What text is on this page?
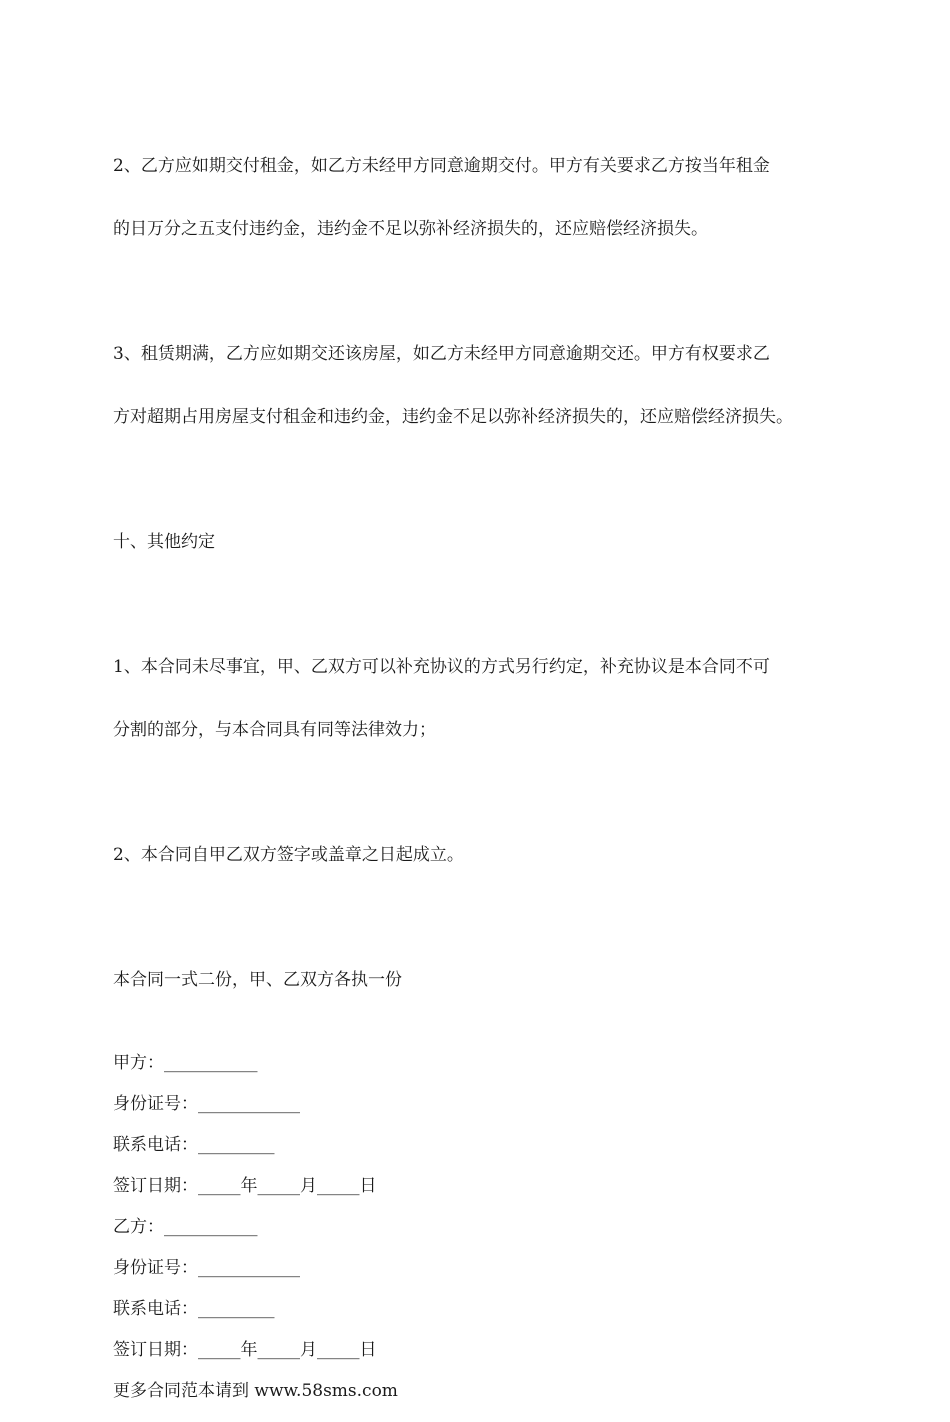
2、乙方应如期交付租金，如乙方未经甲方同意逾期交付。甲方有关要求乙方按当年租金

的日万分之五支付违约金，违约金不足以弥补经济损失的，还应赔偿经济损失。

3、租赁期满，乙方应如期交还该房屋，如乙方未经甲方同意逾期交还。甲方有权要求乙

方对超期占用房屋支付租金和违约金，违约金不足以弥补经济损失的，还应赔偿经济损失。

十、其他约定

1、本合同未尽事宜，甲、乙双方可以补充协议的方式另行约定，补充协议是本合同不可

分割的部分，与本合同具有同等法律效力；

2、本合同自甲乙双方签字或盖章之日起成立。

本合同一式二份，甲、乙双方各执一份

甲方：___________

身份证号：____________

联系电话：_________

签订日期：_____年_____月_____日

乙方：___________

身份证号：____________

联系电话：_________

签订日期：_____年_____月_____日

更多合同范本请到 www.58sms.com
